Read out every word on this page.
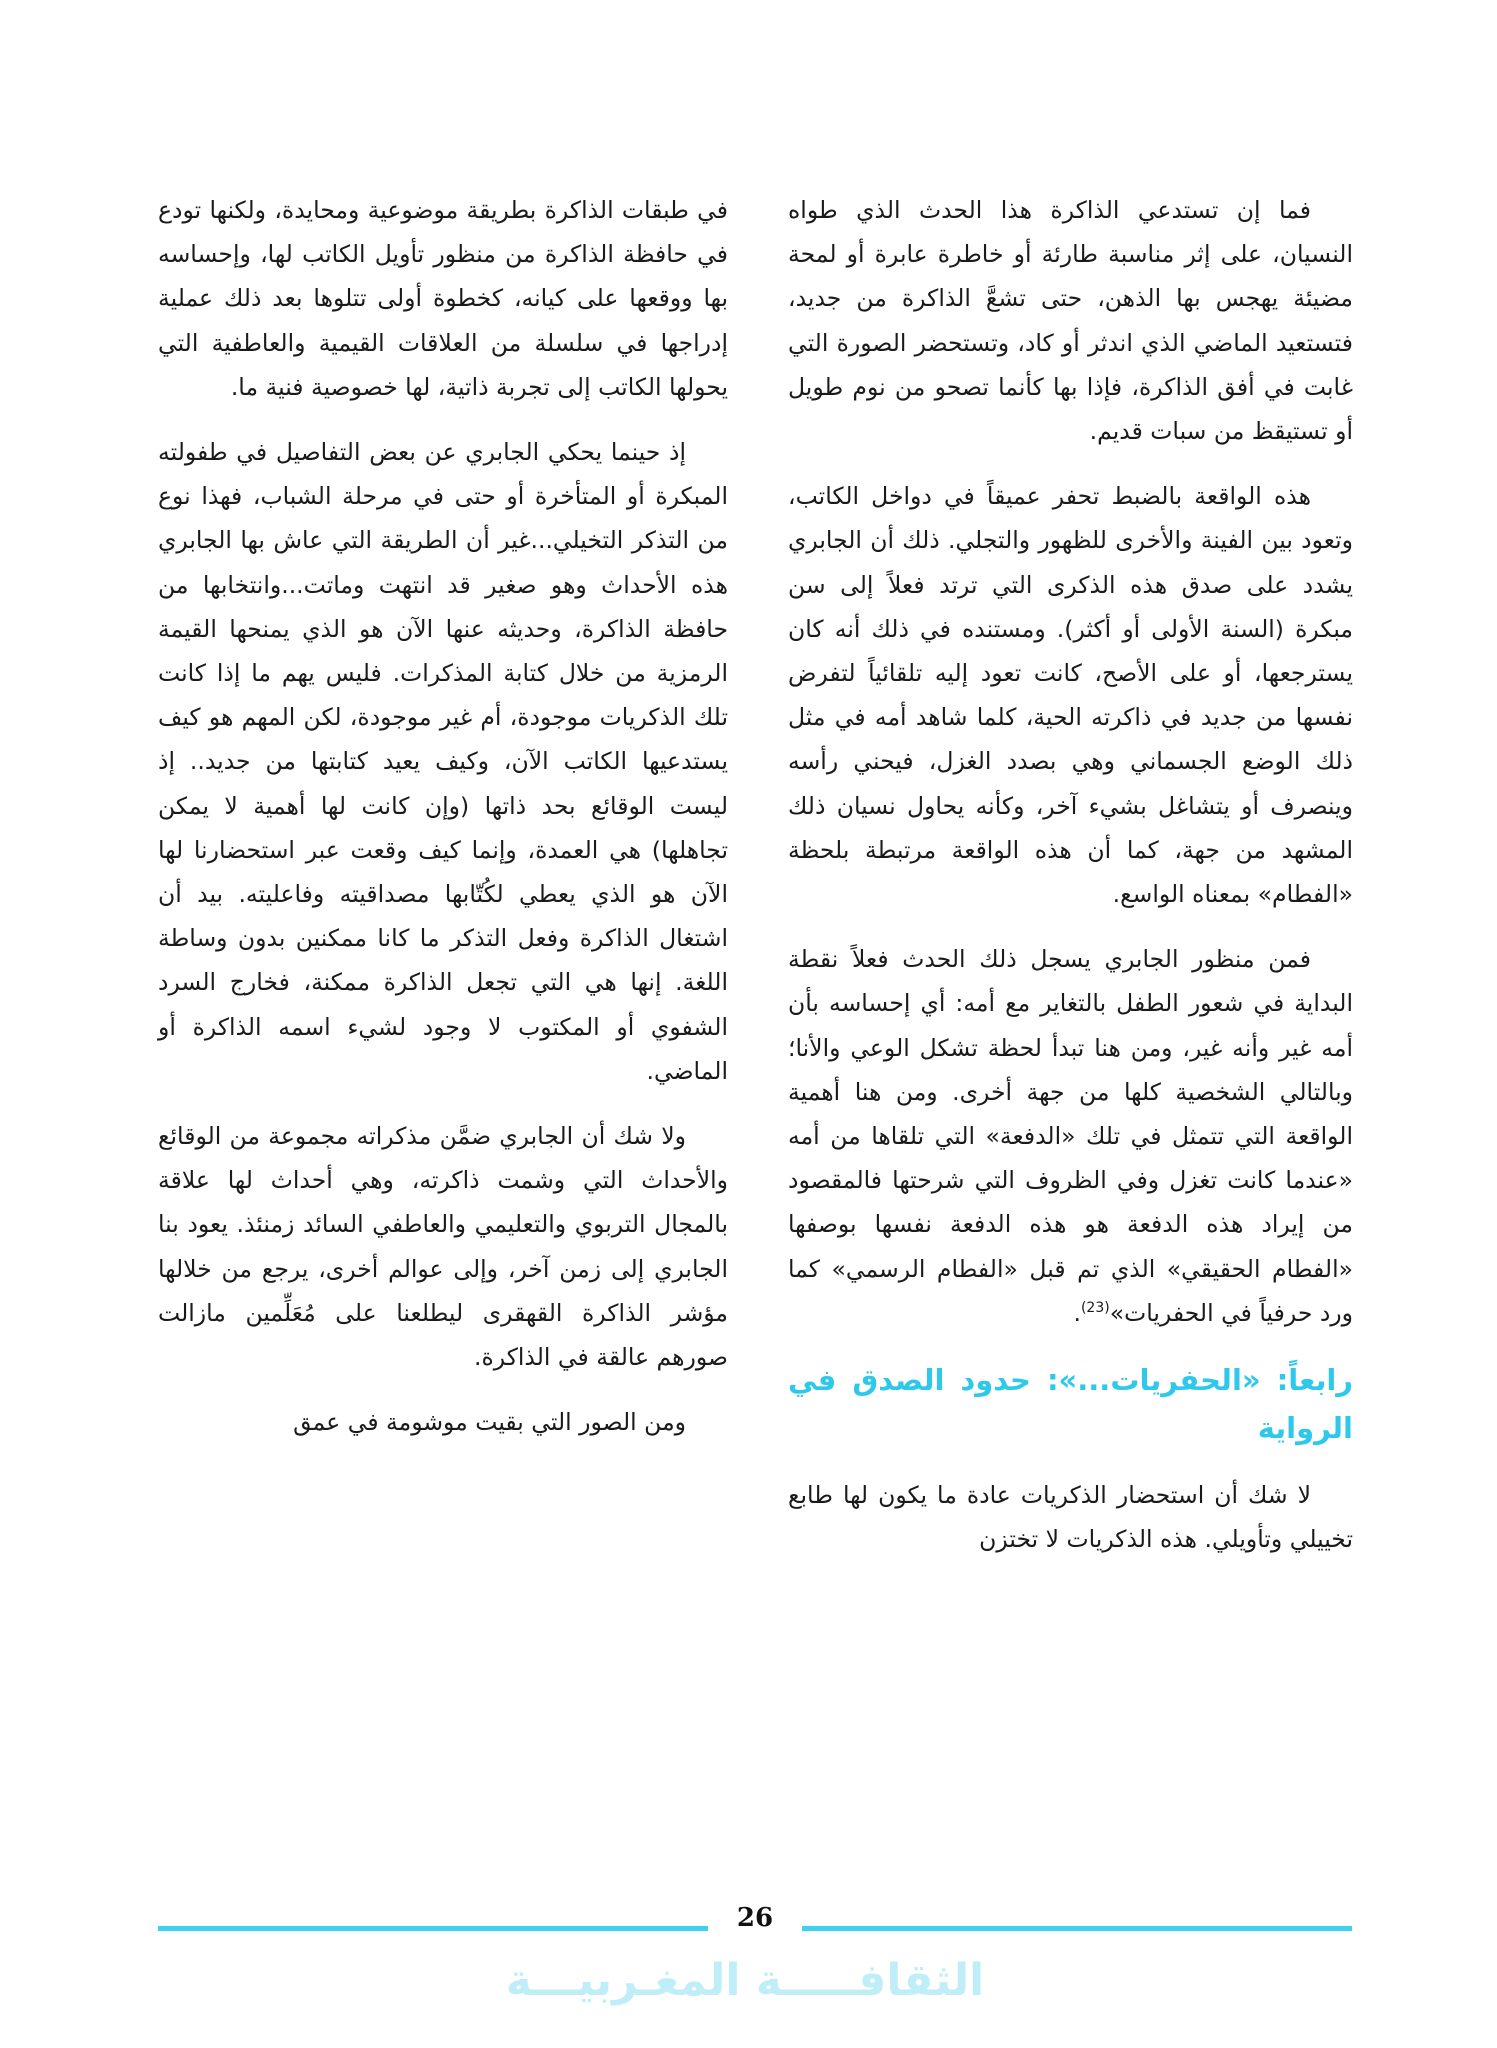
فما إن تستدعي الذاكرة هذا الحدث الذي طواه النسيان، على إثر مناسبة طارئة أو خاطرة عابرة أو لمحة مضيئة يهجس بها الذهن، حتى تشعَّ الذاكرة من جديد، فتستعيد الماضي الذي اندثر أو كاد، وتستحضر الصورة التي غابت في أفق الذاكرة، فإذا بها كأنما تصحو من نوم طويل أو تستيقظ من سبات قديم.

هذه الواقعة بالضبط تحفر عميقاً في دواخل الكاتب، وتعود بين الفينة والأخرى للظهور والتجلي. ذلك أن الجابري يشدد على صدق هذه الذكرى التي ترتد فعلاً إلى سن مبكرة (السنة الأولى أو أكثر). ومستنده في ذلك أنه كان يسترجعها، أو على الأصح، كانت تعود إليه تلقائياً لتفرض نفسها من جديد في ذاكرته الحية، كلما شاهد أمه في مثل ذلك الوضع الجسماني وهي بصدد الغزل، فيحني رأسه وينصرف أو يتشاغل بشيء آخر، وكأنه يحاول نسيان ذلك المشهد من جهة، كما أن هذه الواقعة مرتبطة بلحظة «الفطام» بمعناه الواسع.

فمن منظور الجابري يسجل ذلك الحدث فعلاً نقطة البداية في شعور الطفل بالتغاير مع أمه: أي إحساسه بأن أمه غير وأنه غير، ومن هنا تبدأ لحظة تشكل الوعي والأنا؛ وبالتالي الشخصية كلها من جهة أخرى. ومن هنا أهمية الواقعة التي تتمثل في تلك «الدفعة» التي تلقاها من أمه «عندما كانت تغزل وفي الظروف التي شرحتها فالمقصود من إيراد هذه الدفعة هو هذه الدفعة نفسها بوصفها «الفطام الحقيقي» الذي تم قبل «الفطام الرسمي» كما ورد حرفياً في الحفريات»$^{(23)}$.

رابعاً: «الحفريات...»: حدود الصدق في الرواية

لا شك أن استحضار الذكريات عادة ما يكون لها طابع تخييلي وتأويلي. هذه الذكريات لا تختزن

في طبقات الذاكرة بطريقة موضوعية ومحايدة، ولكنها تودع في حافظة الذاكرة من منظور تأويل الكاتب لها، وإحساسه بها ووقعها على كيانه، كخطوة أولى تتلوها بعد ذلك عملية إدراجها في سلسلة من العلاقات القيمية والعاطفية التي يحولها الكاتب إلى تجربة ذاتية، لها خصوصية فنية ما.

إذ حينما يحكي الجابري عن بعض التفاصيل في طفولته المبكرة أو المتأخرة أو حتى في مرحلة الشباب، فهذا نوع من التذكر التخيلي...غير أن الطريقة التي عاش بها الجابري هذه الأحداث وهو صغير قد انتهت وماتت...وانتخابها من حافظة الذاكرة، وحديثه عنها الآن هو الذي يمنحها القيمة الرمزية من خلال كتابة المذكرات. فليس يهم ما إذا كانت تلك الذكريات موجودة، أم غير موجودة، لكن المهم هو كيف يستدعيها الكاتب الآن، وكيف يعيد كتابتها من جديد.. إذ ليست الوقائع بحد ذاتها (وإن كانت لها أهمية لا يمكن تجاهلها) هي العمدة، وإنما كيف وقعت عبر استحضارنا لها الآن هو الذي يعطي لكُتّابها مصداقيته وفاعليته. بيد أن اشتغال الذاكرة وفعل التذكر ما كانا ممكنين بدون وساطة اللغة. إنها هي التي تجعل الذاكرة ممكنة، فخارج السرد الشفوي أو المكتوب لا وجود لشيء اسمه الذاكرة أو الماضي.

ولا شك أن الجابري ضمَّن مذكراته مجموعة من الوقائع والأحداث التي وشمت ذاكرته، وهي أحداث لها علاقة بالمجال التربوي والتعليمي والعاطفي السائد زمنئذ. يعود بنا الجابري إلى زمن آخر، وإلى عوالم أخرى، يرجع من خلالها مؤشر الذاكرة القهقرى ليطلعنا على مُعَلِّمين مازالت صورهم عالقة في الذاكرة.

ومن الصور التي بقيت موشومة في عمق

26
الثقافـــــة المغـربيـــة
